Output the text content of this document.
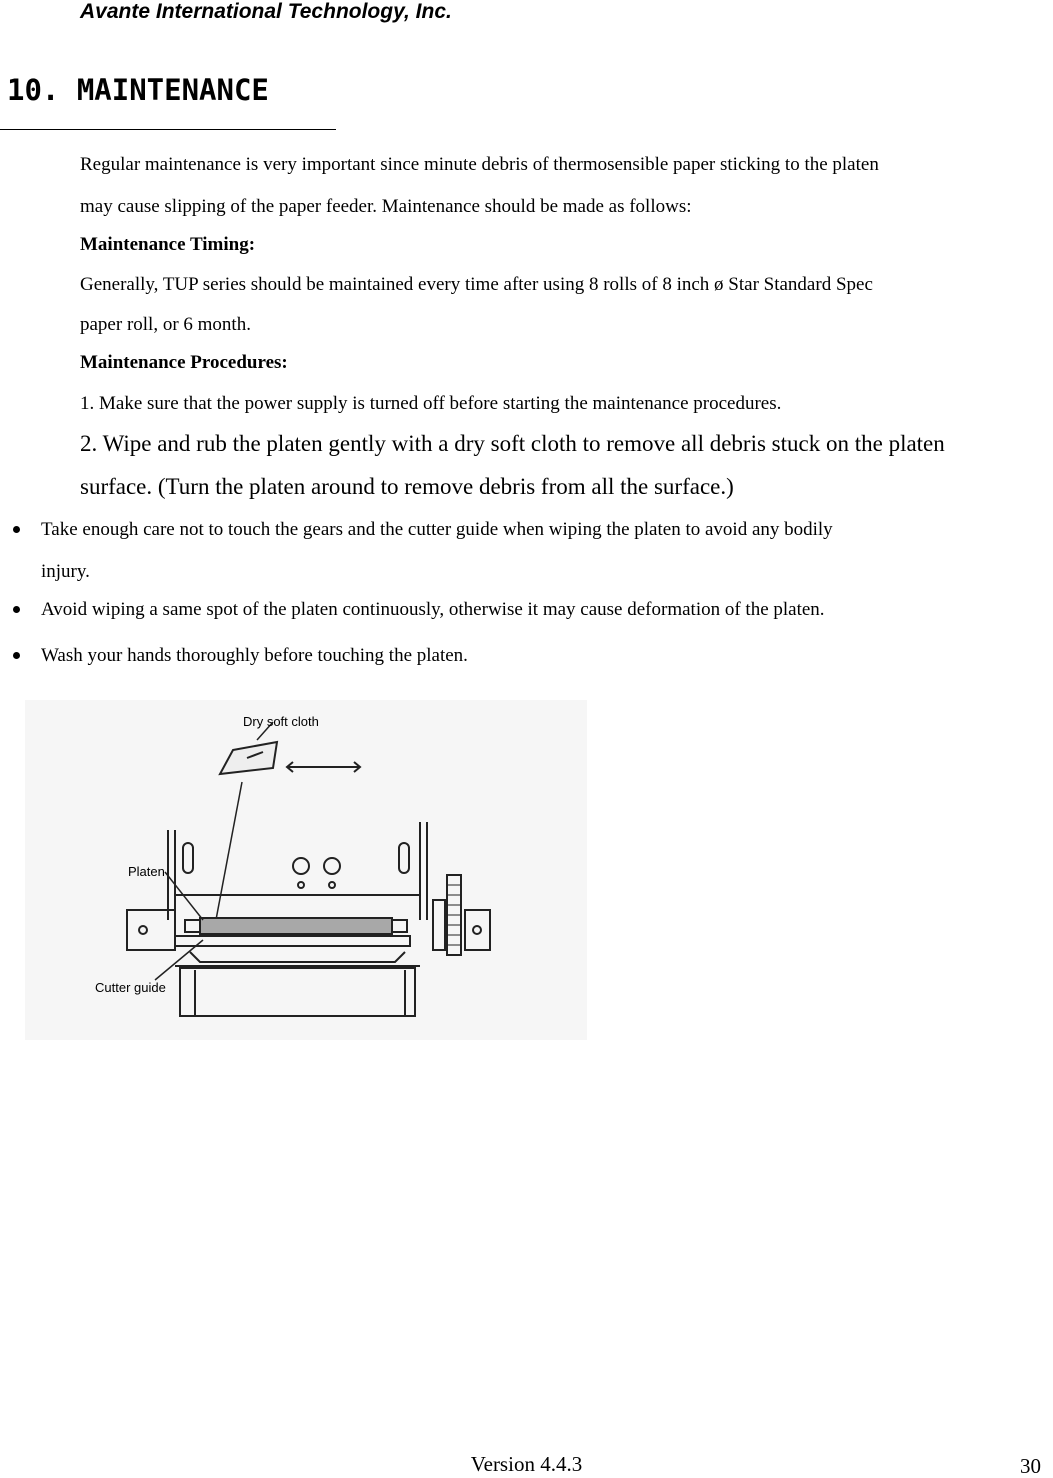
Avante International Technology, Inc.
10. MAINTENANCE
Regular maintenance is very important since minute debris of thermosensible paper sticking to the platen
may cause slipping of the paper feeder. Maintenance should be made as follows:
Maintenance Timing:
Generally, TUP series should be maintained every time after using 8 rolls of 8 inch ø Star Standard Spec
paper roll, or 6 month.
Maintenance Procedures:
1. Make sure that the power supply is turned off before starting the maintenance procedures.
2. Wipe and rub the platen gently with a dry soft cloth to remove all debris stuck on the platen
surface. (Turn the platen around to remove debris from all the surface.)
Take enough care not to touch the gears and the cutter guide when wiping the platen to avoid any bodily
injury.
Avoid wiping a same spot of the platen continuously, otherwise it may cause deformation of the platen.
Wash your hands thoroughly before touching the platen.
Dry soft cloth
Platen
Cutter guide
Version 4.4.3	30
